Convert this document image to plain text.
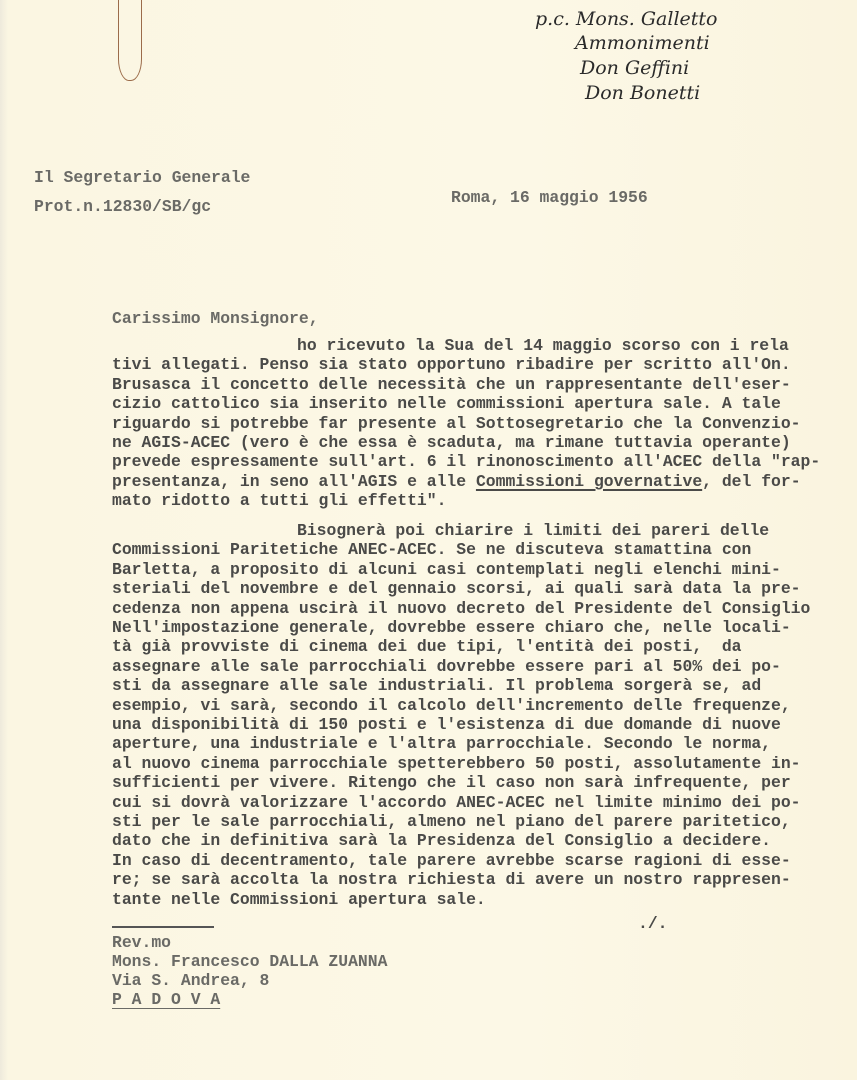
p.c. Mons. Galletto
Ammonimenti
Don Geffini
Don Bonetti
Il Segretario Generale
Prot.n.12830/SB/gc	Roma, 16 maggio 1956
Carissimo Monsignore,
ho ricevuto la Sua del 14 maggio scorso con i rela
tivi allegati. Penso sia stato opportuno ribadire per scritto all'On.
Brusasca il concetto delle necessità che un rappresentante dell'eser-
cizio cattolico sia inserito nelle commissioni apertura sale. A tale
riguardo si potrebbe far presente al Sottosegretario che la Convenzio-
ne AGIS-ACEC (vero è che essa è scaduta, ma rimane tuttavia operante)
prevede espressamente sull'art. 6 il rinonoscimento all'ACEC della "rap-
presentanza, in seno all'AGIS e alle Commissioni governative, del for-
mato ridotto a tutti gli effetti".
Bisognerà poi chiarire i limiti dei pareri delle
Commissioni Paritetiche ANEC-ACEC. Se ne discuteva stamattina con
Barletta, a proposito di alcuni casi contemplati negli elenchi mini-
steriali del novembre e del gennaio scorsi, ai quali sarà data la pre-
cedenza non appena uscirà il nuovo decreto del Presidente del Consiglio
Nell'impostazione generale, dovrebbe essere chiaro che, nelle locali-
tà già provviste di cinema dei due tipi, l'entità dei posti,  da
assegnare alle sale parrocchiali dovrebbe essere pari al 50% dei po-
sti da assegnare alle sale industriali. Il problema sorgerà se, ad
esempio, vi sarà, secondo il calcolo dell'incremento delle frequenze,
una disponibilità di 150 posti e l'esistenza di due domande di nuove
aperture, una industriale e l'altra parrocchiale. Secondo le norma,
al nuovo cinema parrocchiale spetterebbero 50 posti, assolutamente in-
sufficienti per vivere. Ritengo che il caso non sarà infrequente, per
cui si dovrà valorizzare l'accordo ANEC-ACEC nel limite minimo dei po-
sti per le sale parrocchiali, almeno nel piano del parere paritetico,
dato che in definitiva sarà la Presidenza del Consiglio a decidere.
In caso di decentramento, tale parere avrebbe scarse ragioni di esse-
re; se sarà accolta la nostra richiesta di avere un nostro rappresen-
tante nelle Commissioni apertura sale.
./.
Rev.mo
Mons. Francesco DALLA ZUANNA
Via S. Andrea, 8
P A D O V A
